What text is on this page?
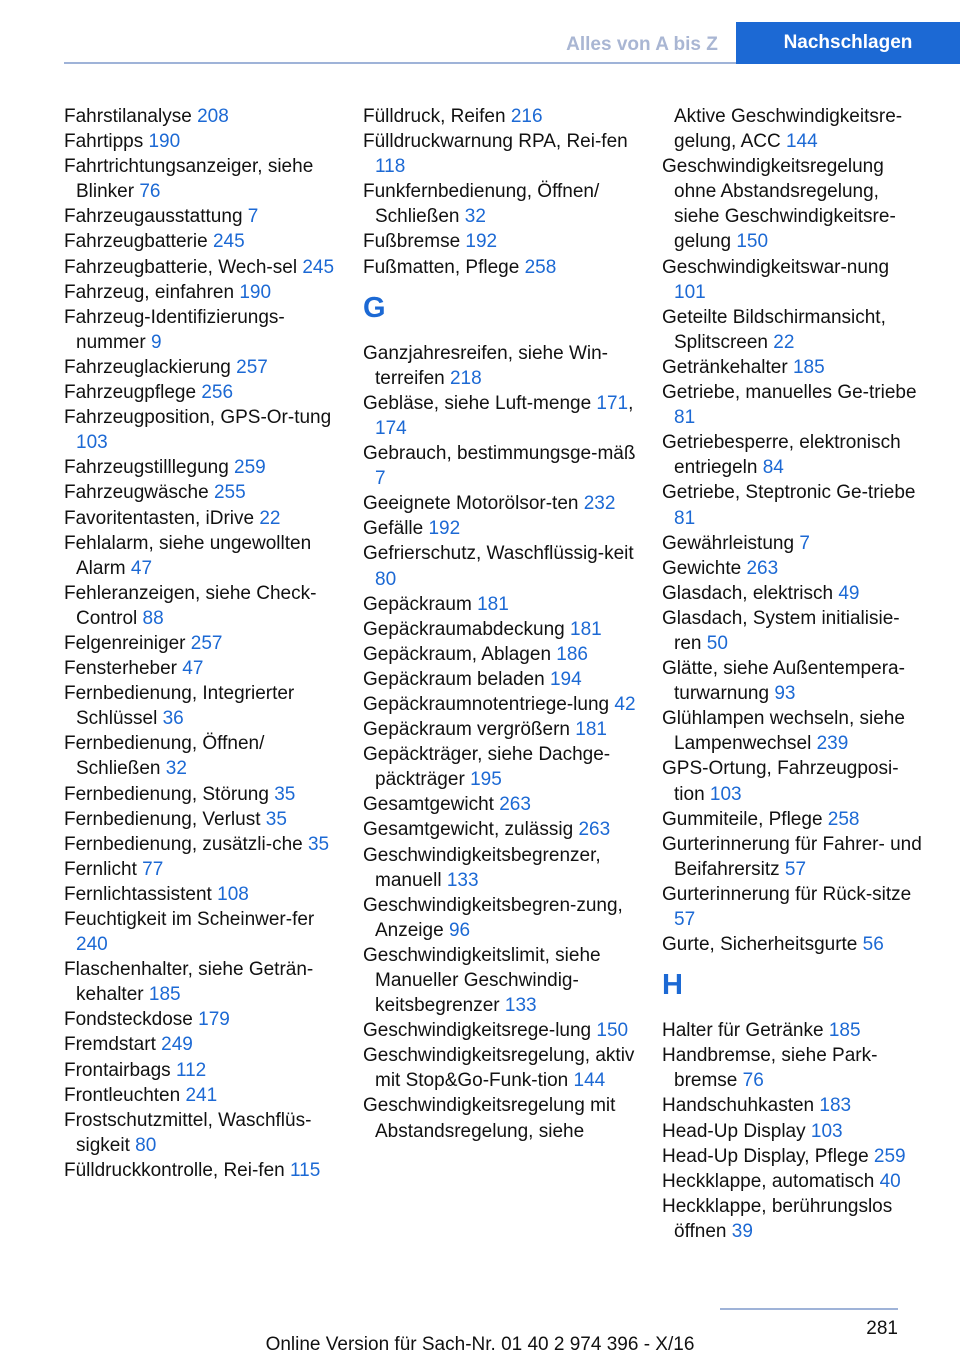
Alles von A bis Z	Nachschlagen
Fahrstilanalyse 208
Fahrtipps 190
Fahrtrichtungsanzeiger, siehe Blinker 76
Fahrzeugausstattung 7
Fahrzeugbatterie 245
Fahrzeugbatterie, Wech‐sel 245
Fahrzeug, einfahren 190
Fahrzeug-Identifizierungs‐nummer 9
Fahrzeuglackierung 257
Fahrzeugpflege 256
Fahrzeugposition, GPS-Or‐tung 103
Fahrzeugstilllegung 259
Fahrzeugwäsche 255
Favoritentasten, iDrive 22
Fehlalarm, siehe ungewollten Alarm 47
Fehleranzeigen, siehe Check-Control 88
Felgenreiniger 257
Fensterheber 47
Fernbedienung, Integrierter Schlüssel 36
Fernbedienung, Öffnen/ Schließen 32
Fernbedienung, Störung 35
Fernbedienung, Verlust 35
Fernbedienung, zusätzli‐che 35
Fernlicht 77
Fernlichtassistent 108
Feuchtigkeit im Scheinwer‐fer 240
Flaschenhalter, siehe Geträn‐kehalter 185
Fondsteckdose 179
Fremdstart 249
Frontairbags 112
Frontleuchten 241
Frostschutzmittel, Waschflüs‐sigkeit 80
Fülldruckkontrolle, Rei‐fen 115
Fülldruck, Reifen 216
Fülldruckwarnung RPA, Rei‐fen 118
Funkfernbedienung, Öffnen/ Schließen 32
Fußbremse 192
Fußmatten, Pflege 258
G
Ganzjahresreifen, siehe Win‐terreifen 218
Gebläse, siehe Luft‐menge 171, 174
Gebrauch, bestimmungsge‐mäß 7
Geeignete Motorölsor‐ten 232
Gefälle 192
Gefrierschutz, Waschflüssig‐keit 80
Gepäckraum 181
Gepäckraumabdeckung 181
Gepäckraum, Ablagen 186
Gepäckraum beladen 194
Gepäckraumnotentriege‐lung 42
Gepäckraum vergrößern 181
Gepäckträger, siehe Dachge‐päckträger 195
Gesamtgewicht 263
Gesamtgewicht, zulässig 263
Geschwindigkeitsbegrenzer, manuell 133
Geschwindigkeitsbegren‐zung, Anzeige 96
Geschwindigkeitslimit, siehe Manueller Geschwindig‐keitsbegrenzer 133
Geschwindigkeitsrege‐lung 150
Geschwindigkeitsregelung, aktiv mit Stop&Go-Funk‐tion 144
Geschwindigkeitsregelung mit Abstandsregelung, siehe
Aktive Geschwindigkeitsre‐gelung, ACC 144
Geschwindigkeitsregelung ohne Abstandsregelung, siehe Geschwindigkeitsre‐gelung 150
Geschwindigkeitswar‐nung 101
Geteilte Bildschirmansicht, Splitscreen 22
Getränkehalter 185
Getriebe, manuelles Ge‐triebe 81
Getriebesperre, elektronisch entriegeln 84
Getriebe, Steptronic Ge‐triebe 81
Gewährleistung 7
Gewichte 263
Glasdach, elektrisch 49
Glasdach, System initialisie‐ren 50
Glätte, siehe Außentempera‐turwarnung 93
Glühlampen wechseln, siehe Lampenwechsel 239
GPS-Ortung, Fahrzeugposi‐tion 103
Gummiteile, Pflege 258
Gurterinnerung für Fahrer- und Beifahrersitz 57
Gurterinnerung für Rück‐sitze 57
Gurte, Sicherheitsgurte 56
H
Halter für Getränke 185
Handbremse, siehe Park‐bremse 76
Handschuhkasten 183
Head-Up Display 103
Head-Up Display, Pflege 259
Heckklappe, automatisch 40
Heckklappe, berührungslos öffnen 39
281
Online Version für Sach-Nr. 01 40 2 974 396 - X/16
